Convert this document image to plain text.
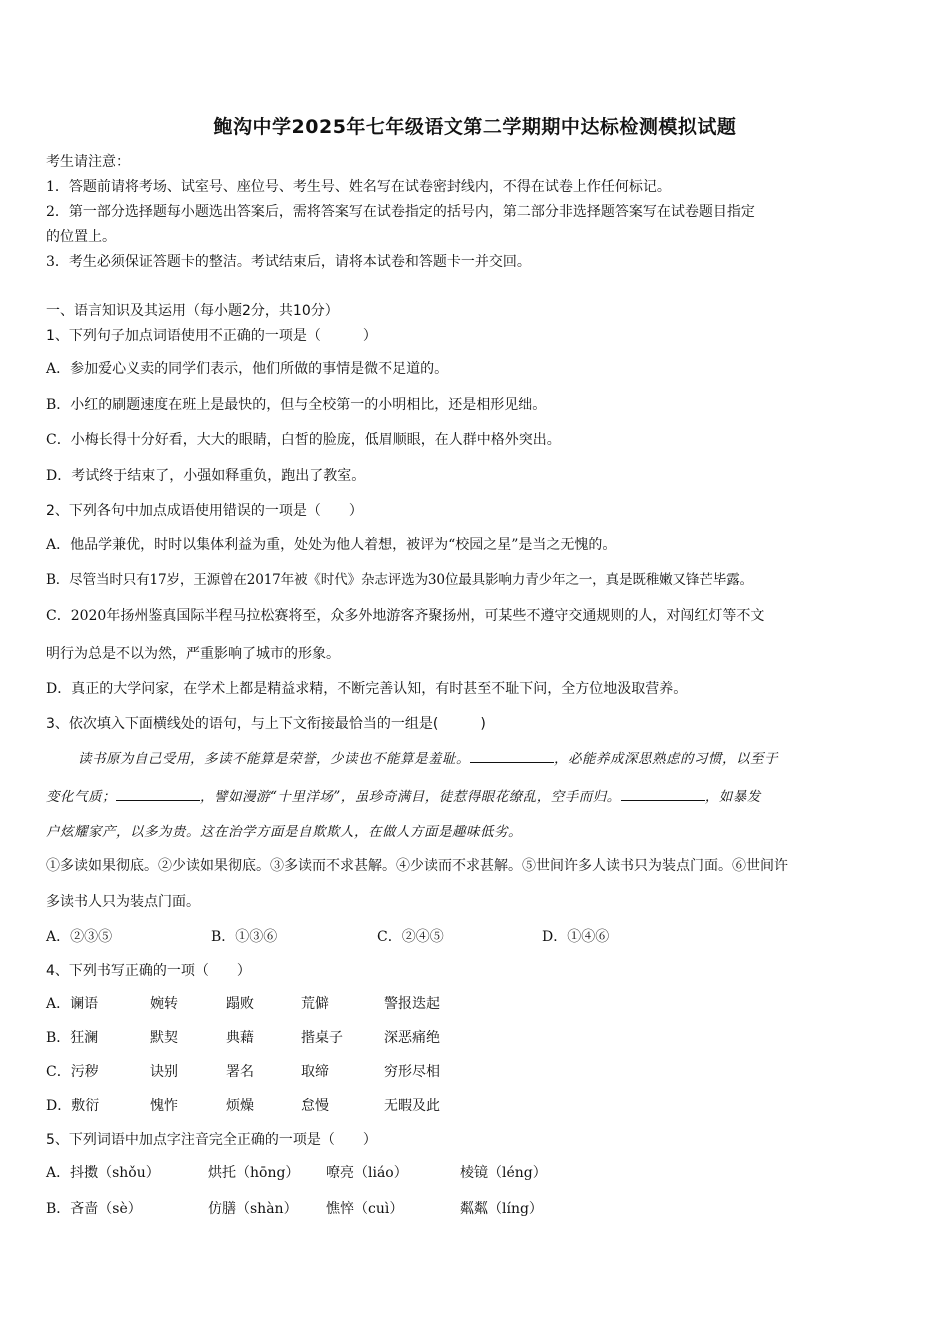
鲍沟中学2025年七年级语文第二学期期中达标检测模拟试题
考生请注意：
1．答题前请将考场、试室号、座位号、考生号、姓名写在试卷密封线内，不得在试卷上作任何标记。
2．第一部分选择题每小题选出答案后，需将答案写在试卷指定的括号内，第二部分非选择题答案写在试卷题目指定
的位置上。
3．考生必须保证答题卡的整洁。考试结束后，请将本试卷和答题卡一并交回。
一、语言知识及其运用（每小题2分，共10分）
1、下列句子加点词语使用不正确的一项是（　　　）
A．参加爱心义卖的同学们表示，他们所做的事情是微不足道的。
B．小红的刷题速度在班上是最快的，但与全校第一的小明相比，还是相形见绌。
C．小梅长得十分好看，大大的眼睛，白皙的脸庞，低眉顺眼，在人群中格外突出。
D．考试终于结束了，小强如释重负，跑出了教室。
2、下列各句中加点成语使用错误的一项是（　　）
A．他品学兼优，时时以集体利益为重，处处为他人着想，被评为“校园之星”是当之无愧的。
B．尽管当时只有17岁，王源曾在2017年被《时代》杂志评选为30位最具影响力青少年之一，真是既稚嫩又锋芒毕露。
C．2020年扬州鉴真国际半程马拉松赛将至，众多外地游客齐聚扬州，可某些不遵守交通规则的人，对闯红灯等不文
明行为总是不以为然，严重影响了城市的形象。
D．真正的大学问家，在学术上都是精益求精，不断完善认知，有时甚至不耻下问，全方位地汲取营养。
3、依次填入下面横线处的语句，与上下文衔接最恰当的一组是(　　　)
读书原为自己受用，多读不能算是荣誉，少读也不能算是羞耻。	，必能养成深思熟虑的习惯，以至于
变化气质；	，譬如漫游“十里洋场”，虽珍奇满目，徒惹得眼花缭乱，空手而归。	，如暴发
户炫耀家产，以多为贵。这在治学方面是自欺欺人，在做人方面是趣味低劣。
①多读如果彻底。②少读如果彻底。③多读而不求甚解。④少读而不求甚解。⑤世间许多人读书只为装点门面。⑥世间许
多读书人只为装点门面。
A．②③⑤	B．①③⑥	C．②④⑤	D．①④⑥
4、下列书写正确的一项（　　）
A．谰语	婉转	蹋败	荒僻	警报迭起
B．狂澜	默契	典藉	揩桌子	深恶痛绝
C．污秽	诀别	署名	取缔	穷形尽相
D．敷衍	愧怍	烦燥	怠慢	无暇及此
5、下列词语中加点字注音完全正确的一项是（　　）
A．抖擞（shǒu）	烘托（hōng） 嘹亮（liáo）	棱镜（léng）
B．吝啬（sè）	仿膳（shàn） 憔悴（cuì）	粼粼（líng）
